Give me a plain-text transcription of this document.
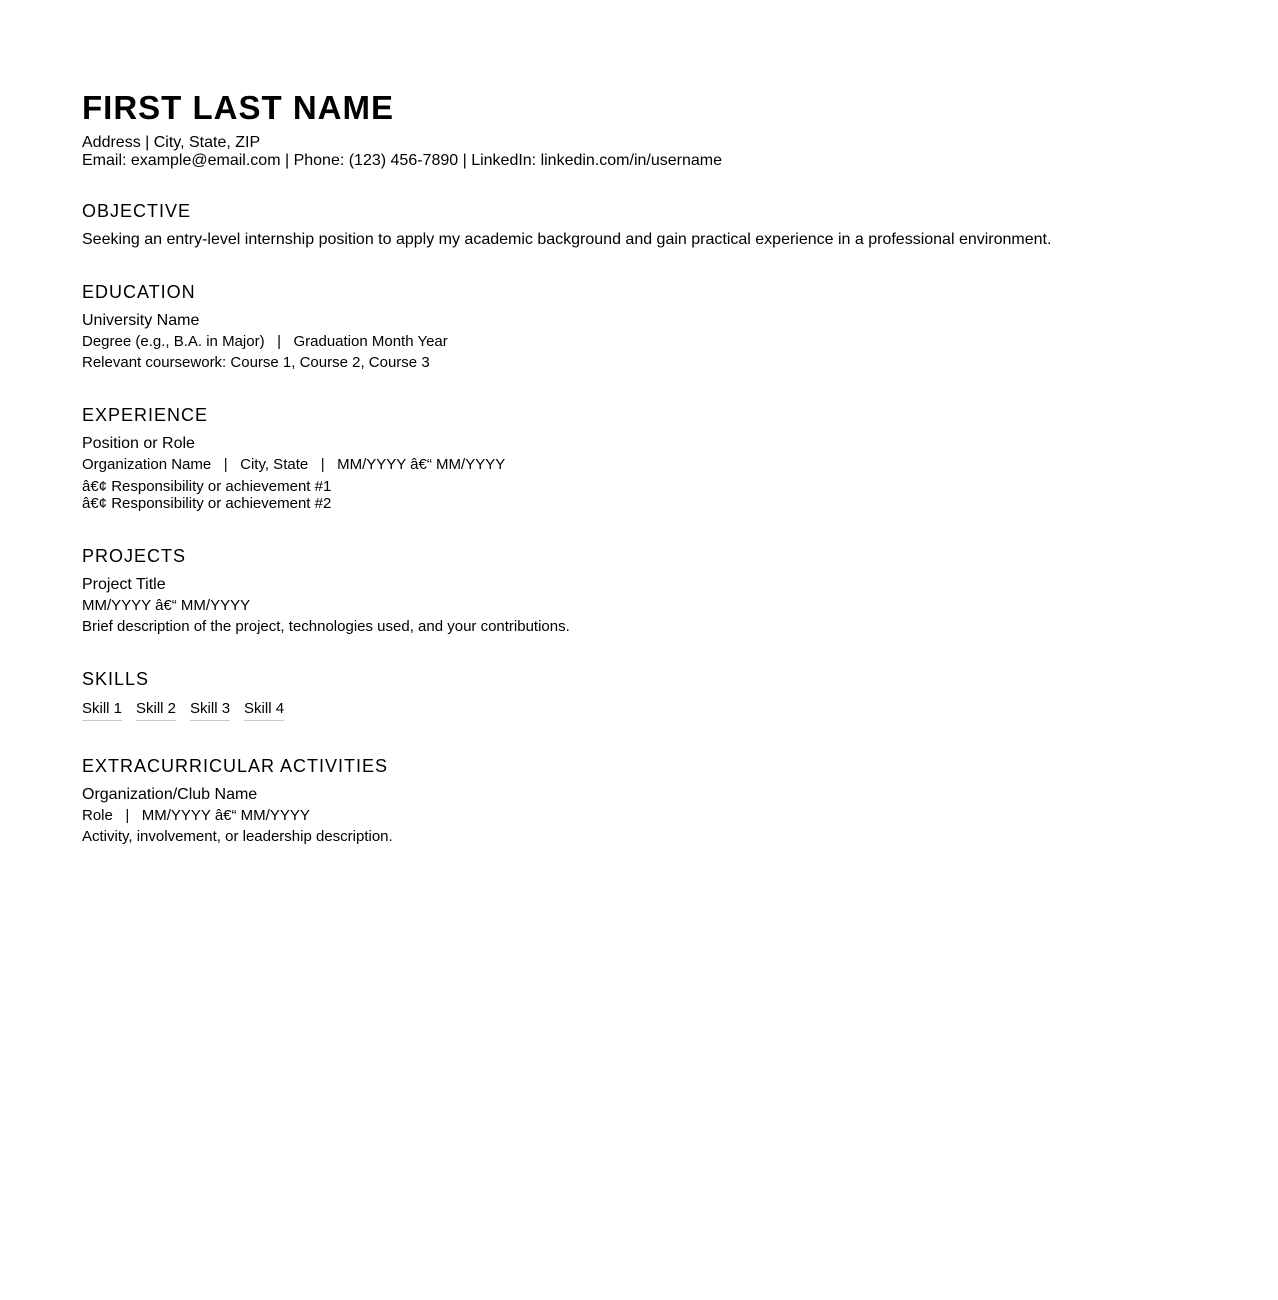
FIRST LAST NAME

Address | City, State, ZIP

Email: example@email.com | Phone: (123) 456-7890 | LinkedIn: linkedin.com/in/username

OBJECTIVE

Seeking an entry-level internship position to apply my academic background and gain practical experience in a professional environment.

EDUCATION

University Name

Degree (e.g., B.A. in Major)   |   Graduation Month Year

Relevant coursework: Course 1, Course 2, Course 3

EXPERIENCE

Position or Role

Organization Name   |   City, State   |   MM/YYYY â€“ MM/YYYY

â€¢ Responsibility or achievement #1

â€¢ Responsibility or achievement #2

PROJECTS

Project Title

MM/YYYY â€“ MM/YYYY

Brief description of the project, technologies used, and your contributions.

SKILLS
Skill 1 Skill 2 Skill 3 Skill 4
EXTRACURRICULAR ACTIVITIES

Organization/Club Name

Role   |   MM/YYYY â€“ MM/YYYY

Activity, involvement, or leadership description.
